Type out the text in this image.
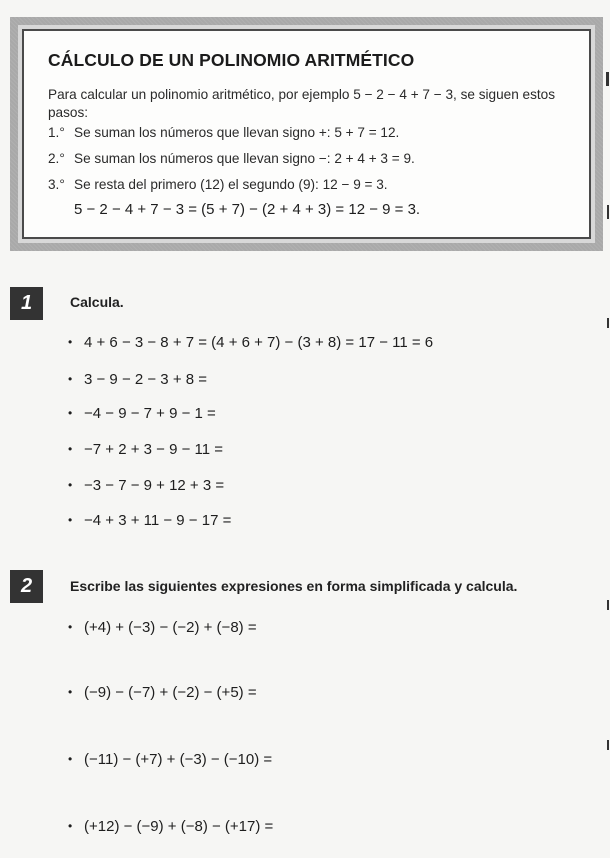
CÁLCULO DE UN POLINOMIO ARITMÉTICO
Para calcular un polinomio aritmético, por ejemplo 5 − 2 − 4 + 7 − 3, se siguen estos pasos:
1.° Se suman los números que llevan signo +: 5 + 7 = 12.
2.° Se suman los números que llevan signo −: 2 + 4 + 3 = 9.
3.° Se resta del primero (12) el segundo (9): 12 − 9 = 3.
5 − 2 − 4 + 7 − 3 = (5 + 7) − (2 + 4 + 3) = 12 − 9 = 3.
1	Calcula.
• 4 + 6 − 3 − 8 + 7 = (4 + 6 + 7) − (3 + 8) = 17 − 11 = 6
• 3 − 9 − 2 − 3 + 8 =
• −4 − 9 − 7 + 9 − 1 =
• −7 + 2 + 3 − 9 − 11 =
• −3 − 7 − 9 + 12 + 3 =
• −4 + 3 + 11 − 9 − 17 =
2	Escribe las siguientes expresiones en forma simplificada y calcula.
• (+4) + (−3) − (−2) + (−8) =
• (−9) − (−7) + (−2) − (+5) =
• (−11) − (+7) + (−3) − (−10) =
• (+12) − (−9) + (−8) − (+17) =
